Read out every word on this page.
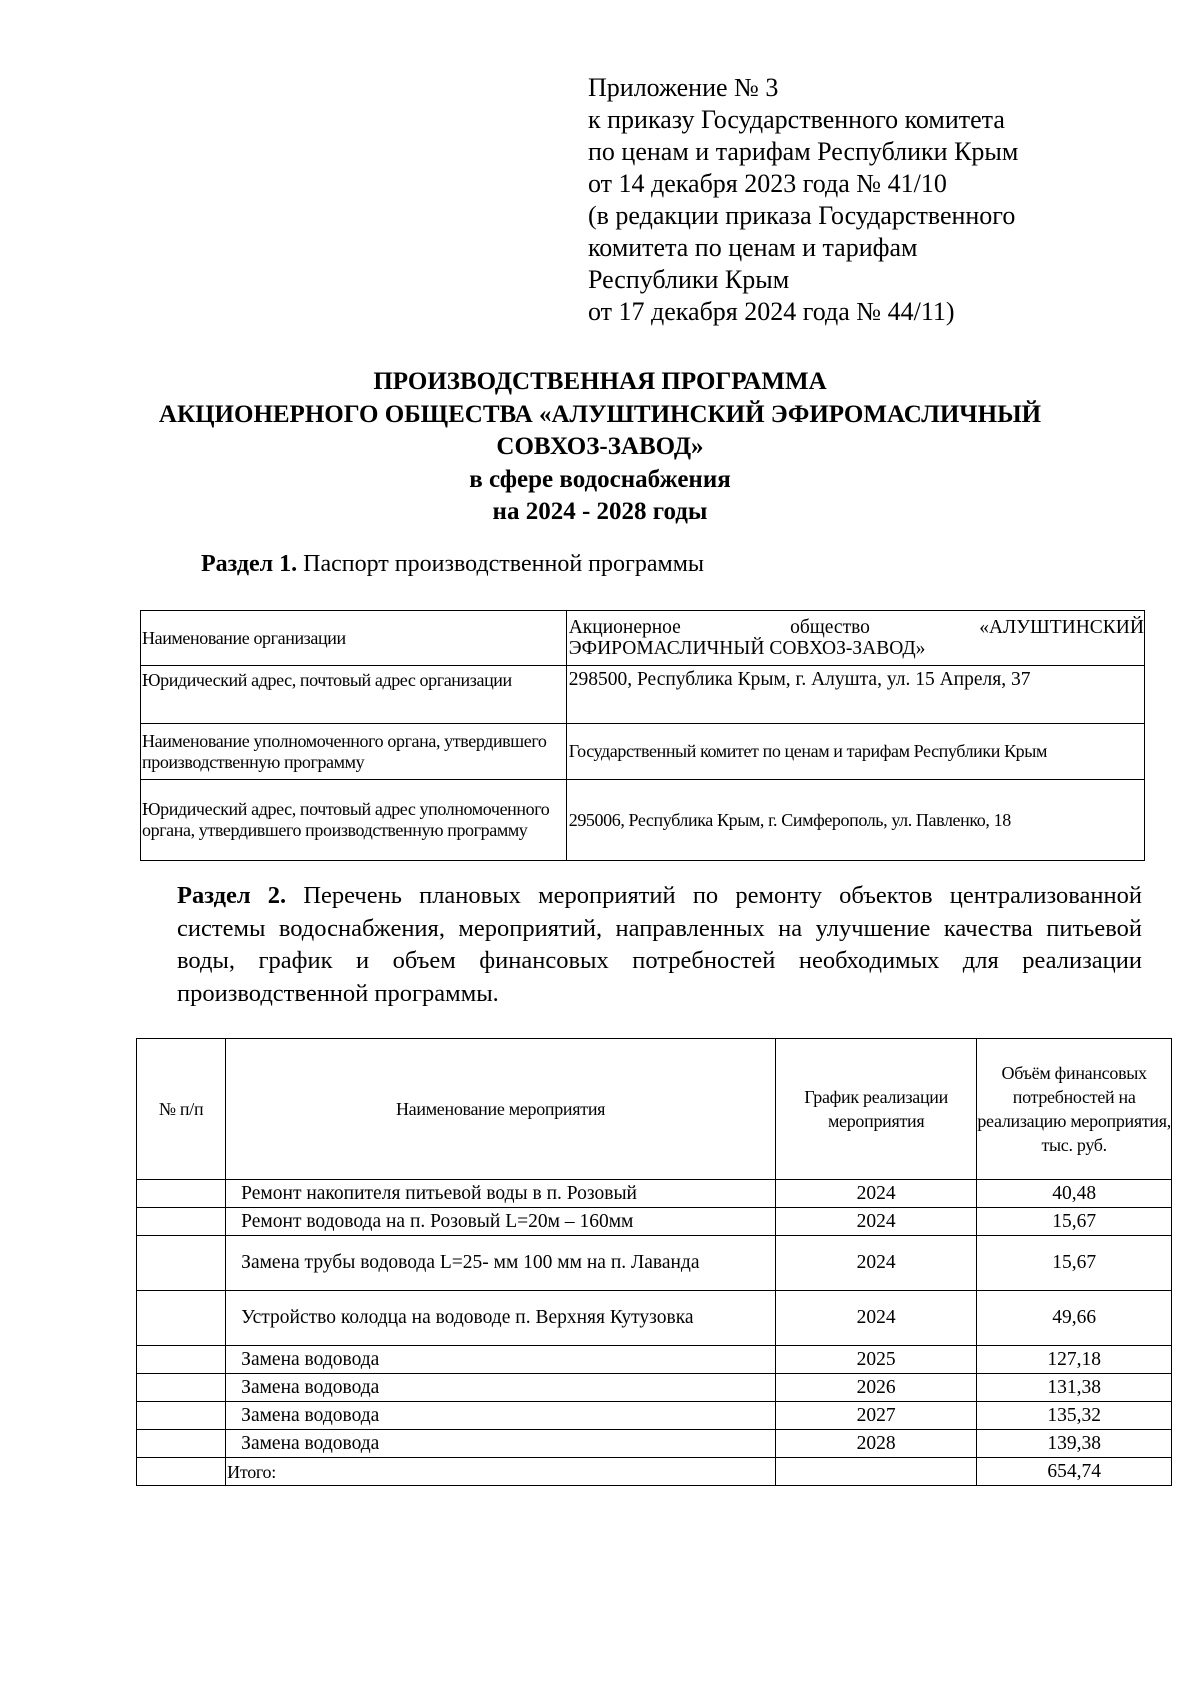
Приложение № 3
к приказу Государственного комитета
по ценам и тарифам Республики Крым
от 14 декабря 2023 года № 41/10
(в редакции приказа Государственного
комитета по ценам и тарифам
Республики Крым
от 17 декабря 2024 года № 44/11)
ПРОИЗВОДСТВЕННАЯ ПРОГРАММА
АКЦИОНЕРНОГО ОБЩЕСТВА «АЛУШТИНСКИЙ ЭФИРОМАСЛИЧНЫЙ
СОВХОЗ-ЗАВОД»
в сфере водоснабжения
на 2024 - 2028 годы
Раздел 1. Паспорт производственной программы
Наименование организации	Акционерное общество «АЛУШТИНСКИЙ
ЭФИРОМАСЛИЧНЫЙ СОВХОЗ-ЗАВОД»

Юридический адрес, почтовый адрес организации	298500, Республика Крым, г. Алушта, ул. 15 Апреля, 37
Наименование уполномоченного органа, утвердившего производственную программу	Государственный комитет по ценам и тарифам Республики Крым
Юридический адрес, почтовый адрес уполномоченного органа, утвердившего производственную программу	295006, Республика Крым, г. Симферополь, ул. Павленко, 18
Раздел 2. Перечень плановых мероприятий по ремонту объектов централизованной системы водоснабжения, мероприятий, направленных на улучшение качества питьевой воды, график и объем финансовых потребностей необходимых для реализации производственной программы.
№ п/п	Наименование мероприятия	График реализации мероприятия	Объём финансовых потребностей на реализацию мероприятия, тыс. руб.
	Ремонт накопителя питьевой воды в п. Розовый	2024	40,48
	Ремонт водовода на п. Розовый L=20м – 160мм	2024	15,67
	Замена трубы водовода L=25- мм 100 мм на п. Лаванда	2024	15,67
	Устройство колодца на водоводе п. Верхняя Кутузовка	2024	49,66
	Замена водовода	2025	127,18
	Замена водовода	2026	131,38
	Замена водовода	2027	135,32
	Замена водовода	2028	139,38
	Итого:		654,74
